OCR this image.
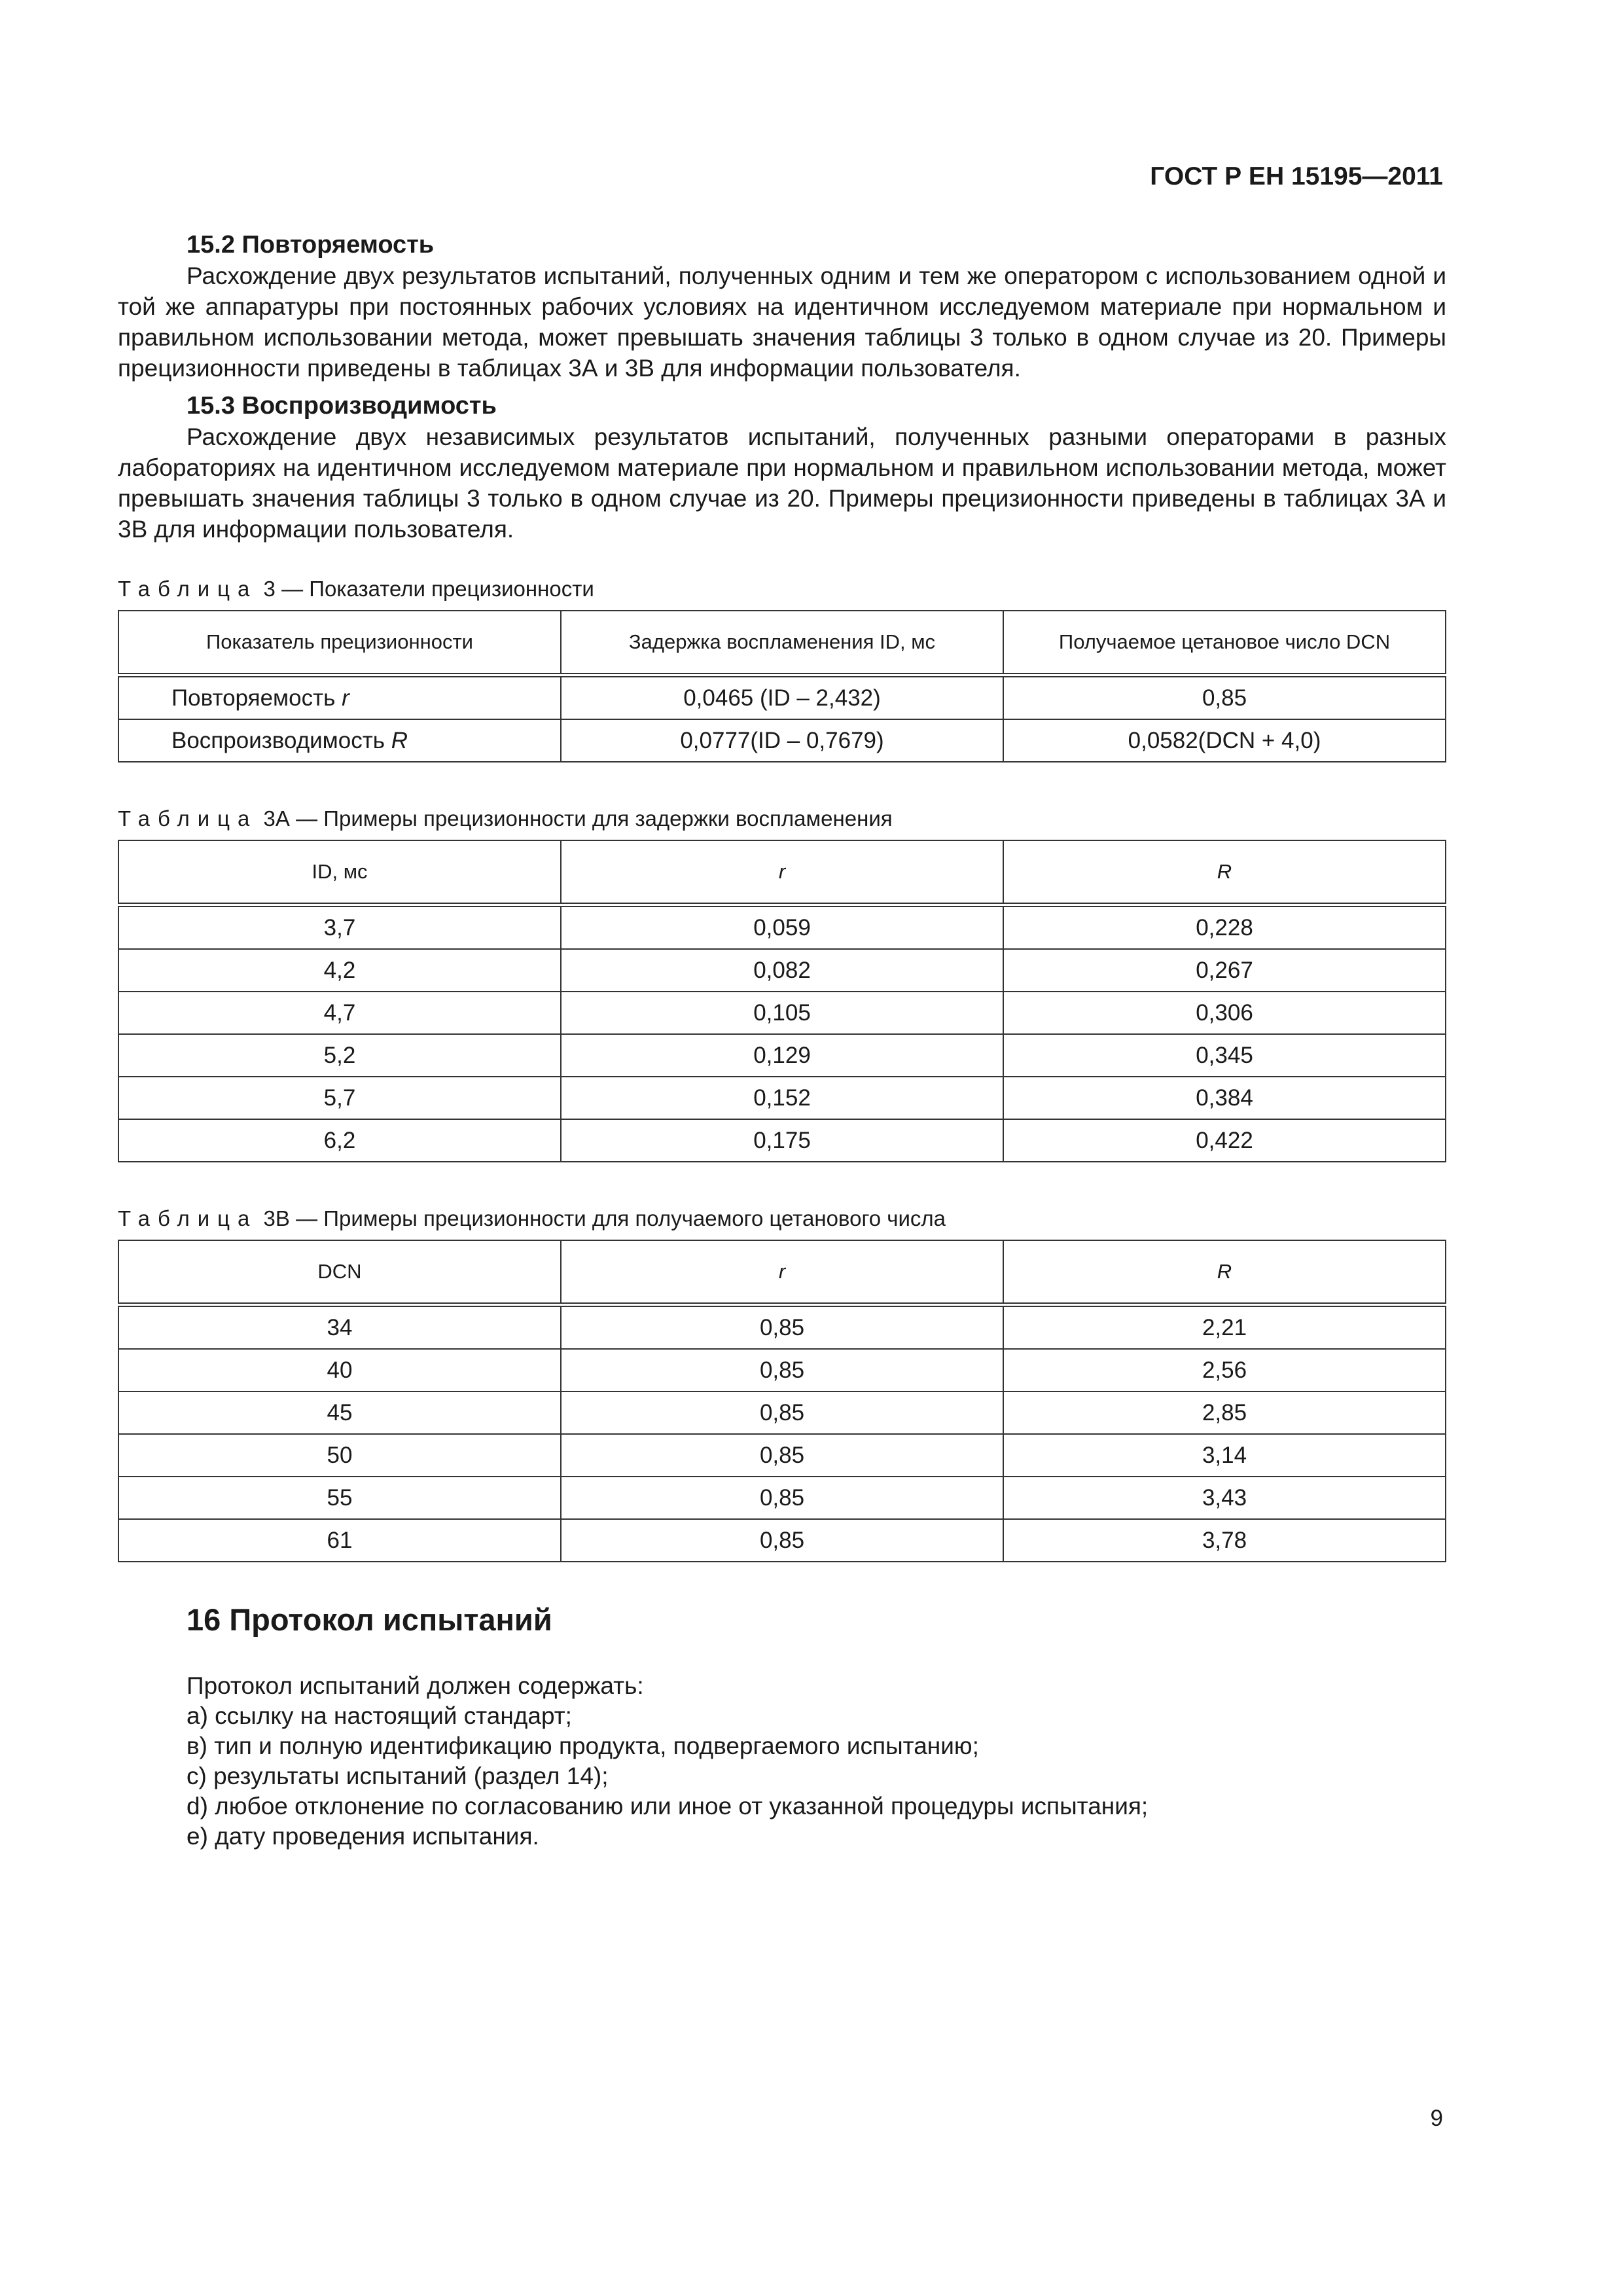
ГОСТ Р ЕН 15195—2011

15.2 Повторяемость

Расхождение двух результатов испытаний, полученных одним и тем же оператором с использованием одной и той же аппаратуры при постоянных рабочих условиях на идентичном исследуемом материале при нормальном и правильном использовании метода, может превышать значения таблицы 3 только в одном случае из 20. Примеры прецизионности приведены в таблицах 3А и 3В для информации пользователя.

15.3 Воспроизводимость

Расхождение двух независимых результатов испытаний, полученных разными операторами в разных лабораториях на идентичном исследуемом материале при нормальном и правильном использовании метода, может превышать значения таблицы 3 только в одном случае из 20. Примеры прецизионности приведены в таблицах 3А и 3В для информации пользователя.

Таблица 3 — Показатели прецизионности

Показатель прецизионности	Задержка воспламенения ID, мс	Получаемое цетановое число DCN
Повторяемость r	0,0465 (ID – 2,432)	0,85
Воспроизводимость R	0,0777(ID – 0,7679)	0,0582(DCN + 4,0)

Таблица 3А — Примеры прецизионности для задержки воспламенения

ID, мс	r	R
3,7	0,059	0,228
4,2	0,082	0,267
4,7	0,105	0,306
5,2	0,129	0,345
5,7	0,152	0,384
6,2	0,175	0,422

Таблица 3В — Примеры прецизионности для получаемого цетанового числа

DCN	r	R
34	0,85	2,21
40	0,85	2,56
45	0,85	2,85
50	0,85	3,14
55	0,85	3,43
61	0,85	3,78

16 Протокол испытаний

Протокол испытаний должен содержать:

а) ссылку на настоящий стандарт;
в) тип и полную идентификацию продукта, подвергаемого испытанию;
с) результаты испытаний (раздел 14);
d) любое отклонение по согласованию или иное от указанной процедуры испытания;
е) дату проведения испытания.
9
